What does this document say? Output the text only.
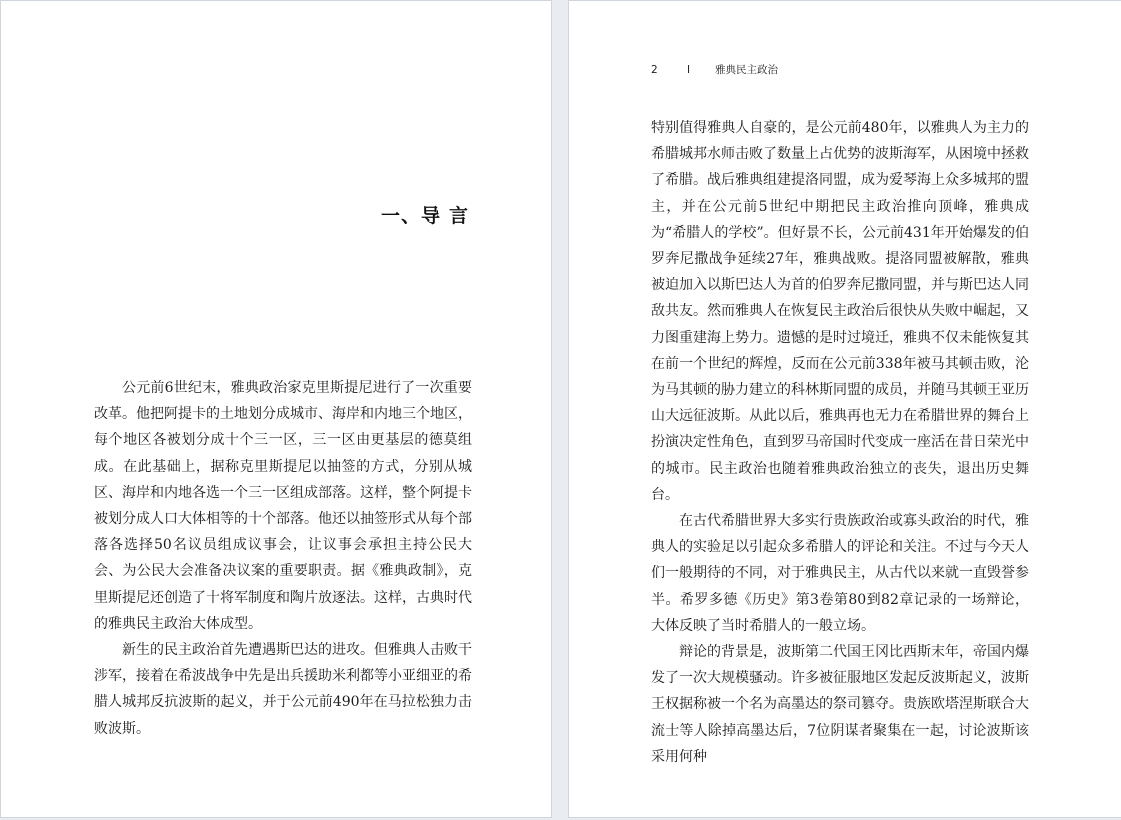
一、导 言

公元前6世纪末，雅典政治家克里斯提尼进行了一次重要改革。他把阿提卡的土地划分成城市、海岸和内地三个地区，每个地区各被划分成十个三一区，三一区由更基层的德莫组成。在此基础上，据称克里斯提尼以抽签的方式，分别从城区、海岸和内地各选一个三一区组成部落。这样，整个阿提卡被划分成人口大体相等的十个部落。他还以抽签形式从每个部落各选择50名议员组成议事会，让议事会承担主持公民大会、为公民大会准备决议案的重要职责。据《雅典政制》，克里斯提尼还创造了十将军制度和陶片放逐法。这样，古典时代的雅典民主政治大体成型。

新生的民主政治首先遭遇斯巴达的进攻。但雅典人击败干涉军，接着在希波战争中先是出兵援助米利都等小亚细亚的希腊人城邦反抗波斯的起义，并于公元前490年在马拉松独力击败波斯。

2	I 雅典民主政治

特别值得雅典人自豪的，是公元前480年，以雅典人为主力的希腊城邦水师击败了数量上占优势的波斯海军，从困境中拯救了希腊。战后雅典组建提洛同盟，成为爱琴海上众多城邦的盟主，并在公元前5世纪中期把民主政治推向顶峰，雅典成为“希腊人的学校”。但好景不长，公元前431年开始爆发的伯罗奔尼撒战争延续27年，雅典战败。提洛同盟被解散，雅典被迫加入以斯巴达人为首的伯罗奔尼撒同盟，并与斯巴达人同敌共友。然而雅典人在恢复民主政治后很快从失败中崛起，又力图重建海上势力。遗憾的是时过境迁，雅典不仅未能恢复其在前一个世纪的辉煌，反而在公元前338年被马其顿击败，沦为马其顿的胁力建立的科林斯同盟的成员，并随马其顿王亚历山大远征波斯。从此以后，雅典再也无力在希腊世界的舞台上扮演决定性角色，直到罗马帝国时代变成一座活在昔日荣光中的城市。民主政治也随着雅典政治独立的丧失，退出历史舞台。

在古代希腊世界大多实行贵族政治或寡头政治的时代，雅典人的实验足以引起众多希腊人的评论和关注。不过与今天人们一般期待的不同，对于雅典民主，从古代以来就一直毁誉参半。希罗多德《历史》第3卷第80到82章记录的一场辩论，大体反映了当时希腊人的一般立场。

辩论的背景是，波斯第二代国王冈比西斯末年，帝国内爆发了一次大规模骚动。许多被征服地区发起反波斯起义，波斯王权据称被一个名为高墨达的祭司篡夺。贵族欧塔涅斯联合大流士等人除掉高墨达后，7位阴谋者聚集在一起，讨论波斯该采用何种
